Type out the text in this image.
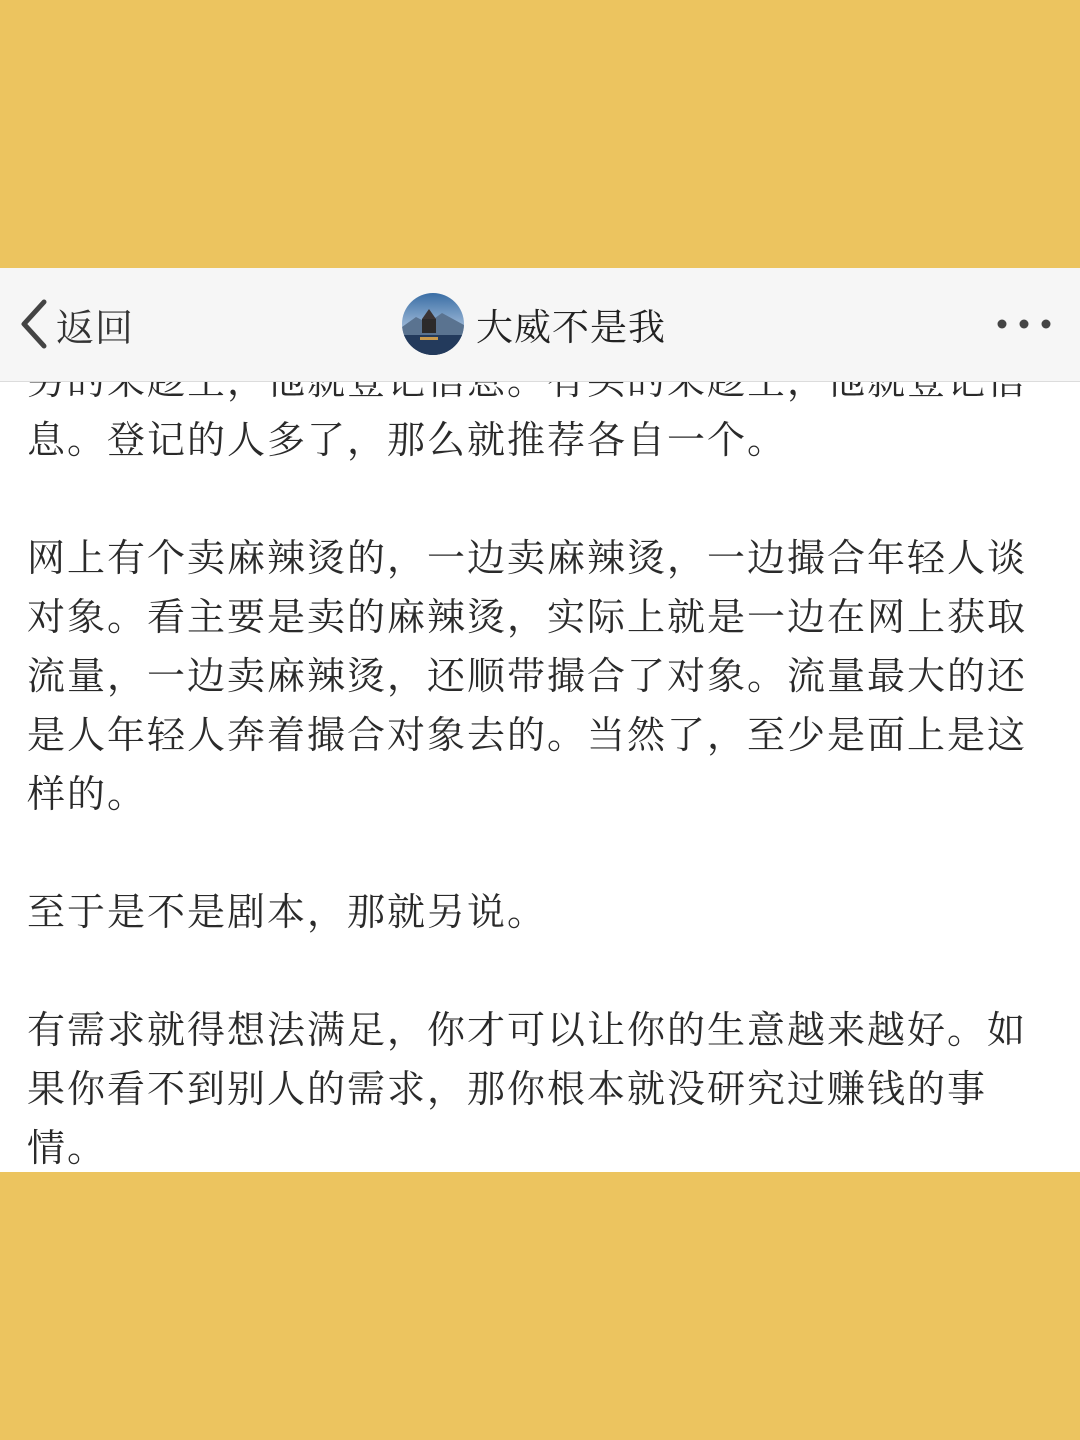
返回	大威不是我

息。登记的人多了，那么就推荐各自一个。

网上有个卖麻辣烫的，一边卖麻辣烫，一边撮合年轻人谈对象。看主要是卖的麻辣烫，实际上就是一边在网上获取流量，一边卖麻辣烫，还顺带撮合了对象。流量最大的还是人年轻人奔着撮合对象去的。当然了，至少是面上是这样的。

至于是不是剧本，那就另说。

有需求就得想法满足，你才可以让你的生意越来越好。如果你看不到别人的需求，那你根本就没研究过赚钱的事情。
